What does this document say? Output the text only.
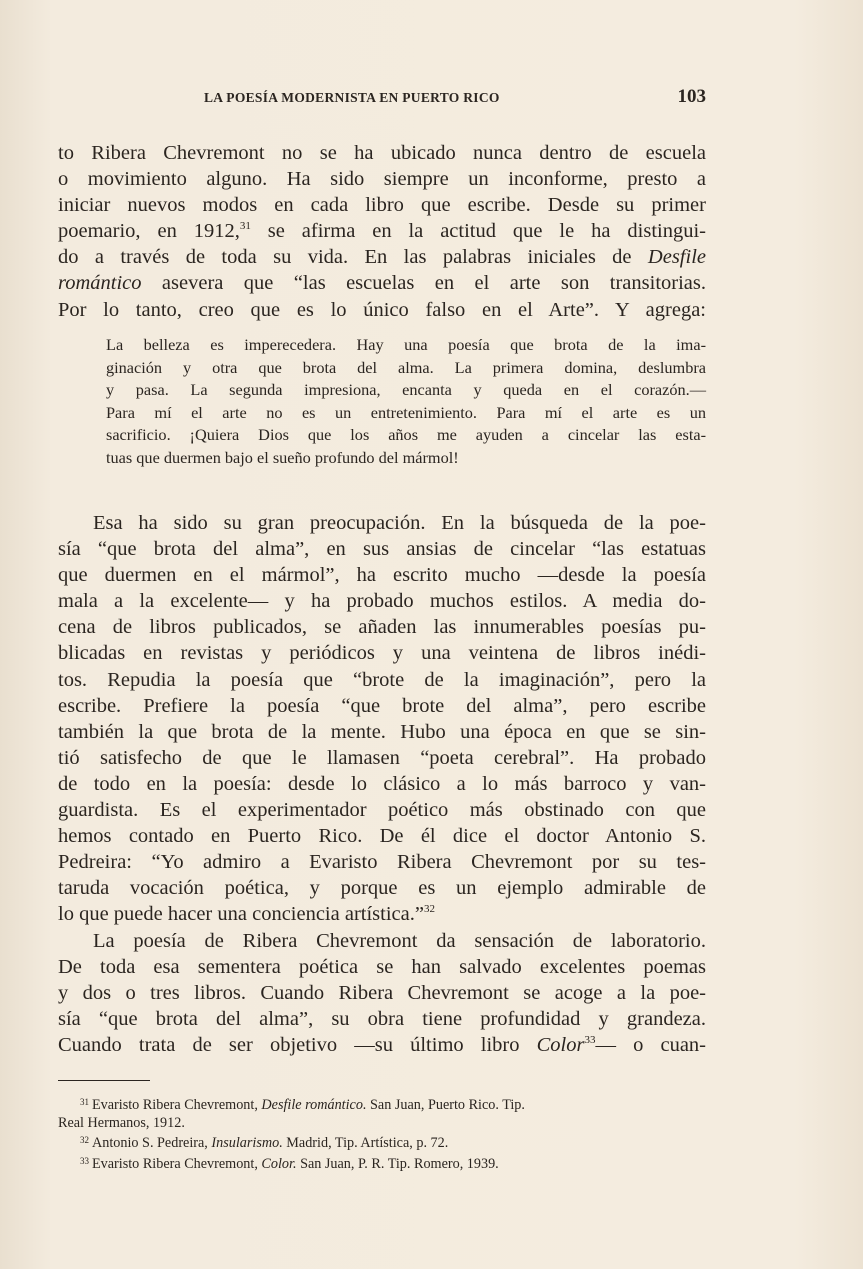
LA POESÍA MODERNISTA EN PUERTO RICO	103

to Ribera Chevremont no se ha ubicado nunca dentro de escuela
o movimiento alguno. Ha sido siempre un inconforme, presto a
iniciar nuevos modos en cada libro que escribe. Desde su primer
poemario, en 1912,31 se afirma en la actitud que le ha distingui-
do a través de toda su vida. En las palabras iniciales de Desfile
romántico asevera que “las escuelas en el arte son transitorias.
Por lo tanto, creo que es lo único falso en el Arte”. Y agrega:

La belleza es imperecedera. Hay una poesía que brota de la ima-
ginación y otra que brota del alma. La primera domina, deslumbra
y pasa. La segunda impresiona, encanta y queda en el corazón.—
Para mí el arte no es un entretenimiento. Para mí el arte es un
sacrificio. ¡Quiera Dios que los años me ayuden a cincelar las esta-
tuas que duermen bajo el sueño profundo del mármol!

Esa ha sido su gran preocupación. En la búsqueda de la poe-
sía “que brota del alma”, en sus ansias de cincelar “las estatuas
que duermen en el mármol”, ha escrito mucho —desde la poesía
mala a la excelente— y ha probado muchos estilos. A media do-
cena de libros publicados, se añaden las innumerables poesías pu-
blicadas en revistas y periódicos y una veintena de libros inédi-
tos. Repudia la poesía que “brote de la imaginación”, pero la
escribe. Prefiere la poesía “que brote del alma”, pero escribe
también la que brota de la mente. Hubo una época en que se sin-
tió satisfecho de que le llamasen “poeta cerebral”. Ha probado
de todo en la poesía: desde lo clásico a lo más barroco y van-
guardista. Es el experimentador poético más obstinado con que
hemos contado en Puerto Rico. De él dice el doctor Antonio S.
Pedreira: “Yo admiro a Evaristo Ribera Chevremont por su tes-
taruda vocación poética, y porque es un ejemplo admirable de
lo que puede hacer una conciencia artística.”$^{32}$
La poesía de Ribera Chevremont da sensación de laboratorio.
De toda esa sementera poética se han salvado excelentes poemas
y dos o tres libros. Cuando Ribera Chevremont se acoge a la poe-
sía “que brota del alma”, su obra tiene profundidad y grandeza.
Cuando trata de ser objetivo —su último libro Color$^{33}$— o cuan-

$^{31}$ Evaristo Ribera Chevremont, Desfile romántico. San Juan, Puerto Rico. Tip.

Real Hermanos, 1912.

$^{32}$ Antonio S. Pedreira, Insularismo. Madrid, Tip. Artística, p. 72.

$^{33}$ Evaristo Ribera Chevremont, Color. San Juan, P. R. Tip. Romero, 1939.
